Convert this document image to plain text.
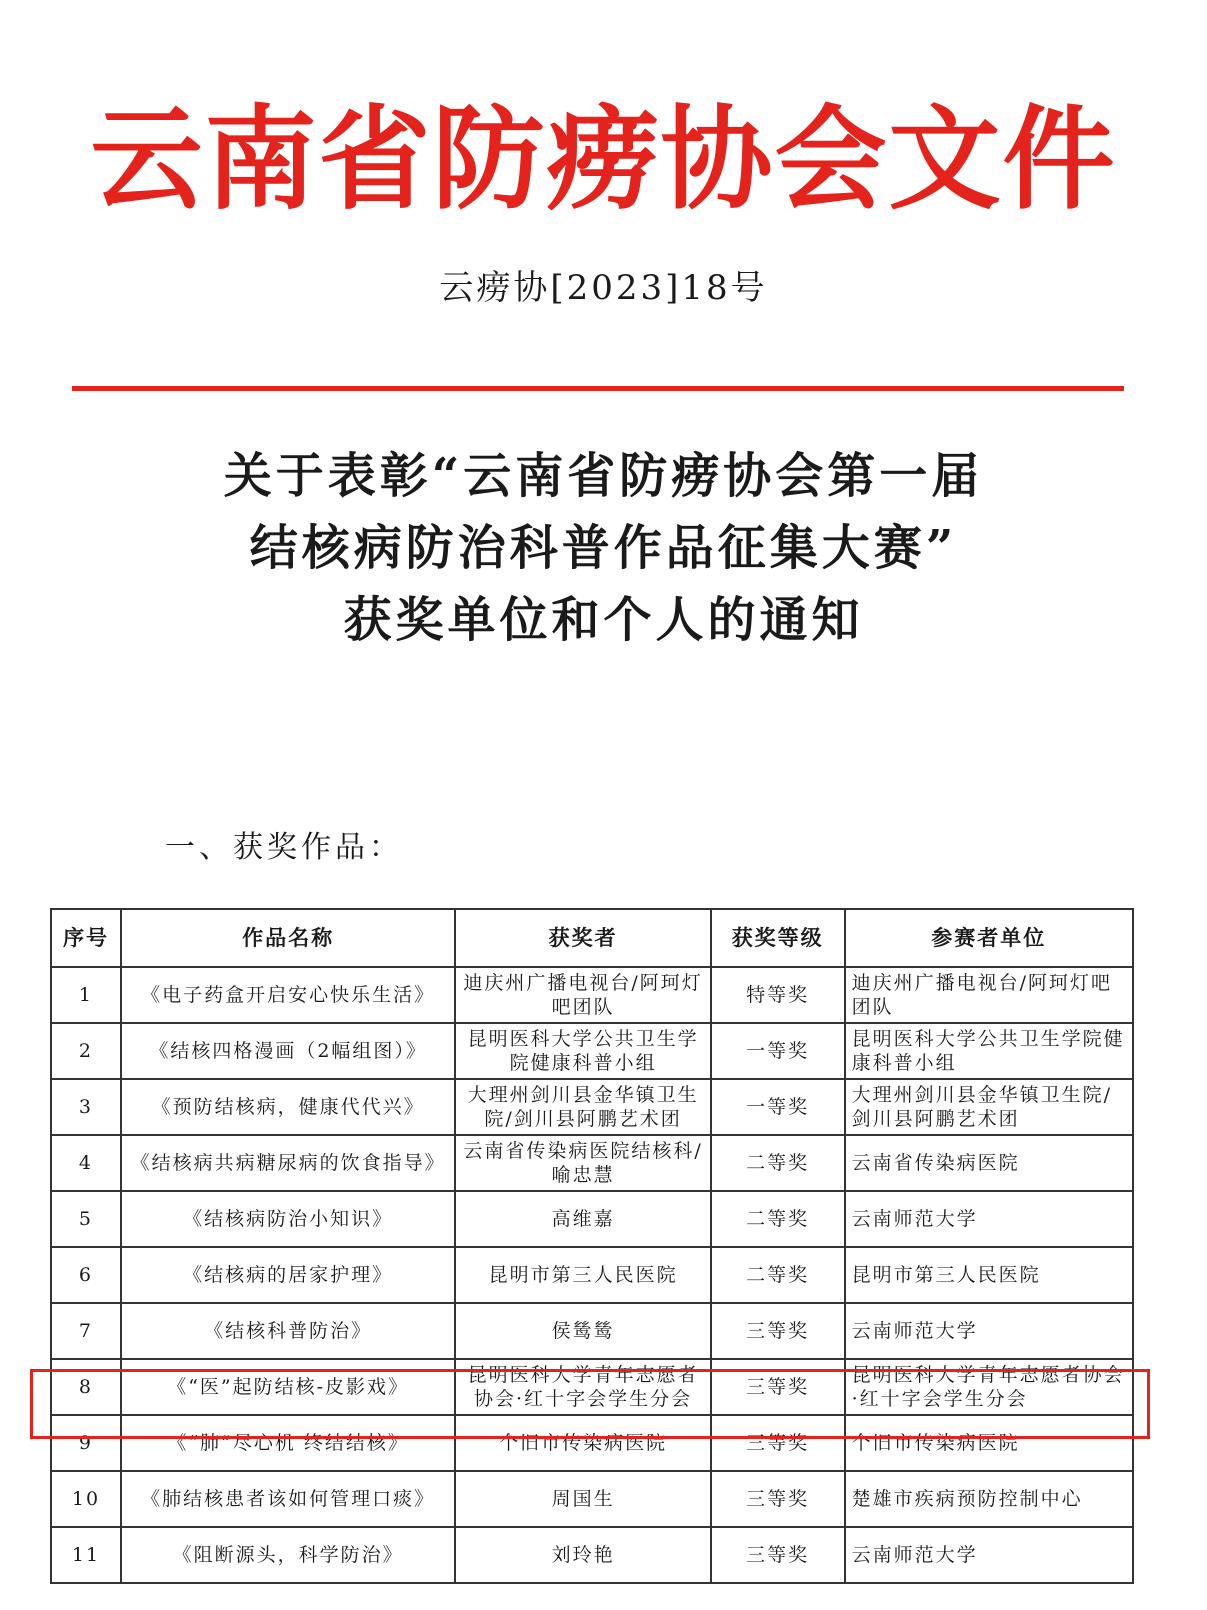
云南省防痨协会文件
云痨协[2023]18号
关于表彰“云南省防痨协会第一届
结核病防治科普作品征集大赛”
获奖单位和个人的通知
一、获奖作品：
序号	作品名称	获奖者	获奖等级	参赛者单位
1	《电子药盒开启安心快乐生活》	迪庆州广播电视台/阿珂灯吧团队	特等奖	迪庆州广播电视台/阿珂灯吧团队
2	《结核四格漫画（2幅组图）》	昆明医科大学公共卫生学院健康科普小组	一等奖	昆明医科大学公共卫生学院健康科普小组
3	《预防结核病，健康代代兴》	大理州剑川县金华镇卫生院/剑川县阿鹏艺术团	一等奖	大理州剑川县金华镇卫生院/剑川县阿鹏艺术团
4	《结核病共病糖尿病的饮食指导》	云南省传染病医院结核科/喻忠慧	二等奖	云南省传染病医院
5	《结核病防治小知识》	高维嘉	二等奖	云南师范大学
6	《结核病的居家护理》	昆明市第三人民医院	二等奖	昆明市第三人民医院
7	《结核科普防治》	侯鸶鸶	三等奖	云南师范大学
8	《“医”起防结核-皮影戏》	昆明医科大学青年志愿者协会·红十字会学生分会	三等奖	昆明医科大学青年志愿者协会·红十字会学生分会
9	《“肺”尽心机 终结结核》	个旧市传染病医院	三等奖	个旧市传染病医院
10	《肺结核患者该如何管理口痰》	周国生	三等奖	楚雄市疾病预防控制中心
11	《阻断源头，科学防治》	刘玲艳	三等奖	云南师范大学
